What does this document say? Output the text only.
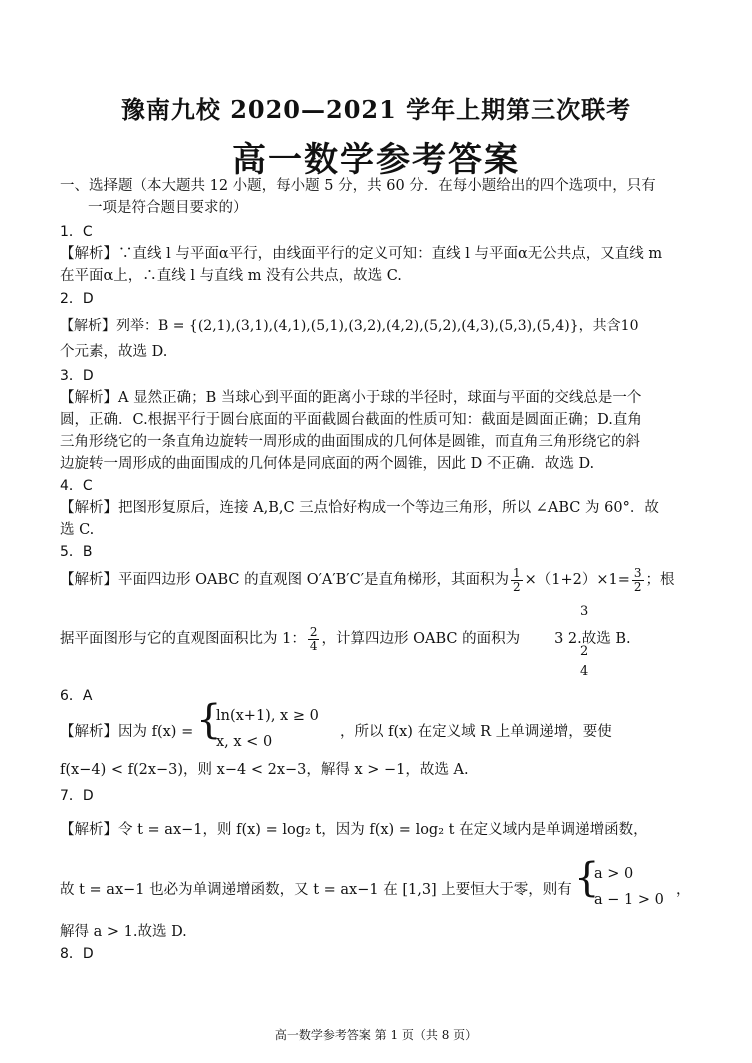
豫南九校 2020—2021 学年上期第三次联考
高一数学参考答案
一、选择题（本大题共 12 小题，每小题 5 分，共 60 分．在每小题给出的四个选项中，只有
一项是符合题目要求的）
1．C
【解析】∵直线 l 与平面α平行，由线面平行的定义可知：直线 l 与平面α无公共点，又直线 m
在平面α上，∴直线 l 与直线 m 没有公共点，故选 C.
2．D
【解析】列举：B = {(2,1),(3,1),(4,1),(5,1),(3,2),(4,2),(5,2),(4,3),(5,3),(5,4)}，共含10
个元素，故选 D.
3．D
【解析】A 显然正确；B 当球心到平面的距离小于球的半径时，球面与平面的交线总是一个
圆，正确．C.根据平行于圆台底面的平面截圆台截面的性质可知：截面是圆面正确；D.直角
三角形绕它的一条直角边旋转一周形成的曲面围成的几何体是圆锥，而直角三角形绕它的斜
边旋转一周形成的曲面围成的几何体是同底面的两个圆锥，因此 D 不正确．故选 D.
4．C
【解析】把图形复原后，连接 A,B,C 三点恰好构成一个等边三角形，所以 ∠ABC 为 60°．故
选 C.
5．B
【解析】平面四边形 OABC 的直观图 O′A′B′C′是直角梯形，其面积为 $\frac{1}{2} \times(1+2)\times 1= \frac{3}{2}$ ；根
3
据平面图形与它的直观图面积比为 1： $\frac{2}{4}$ ，计算四边形 OABC 的面积为 3 2.故选 B.
2
4
6．A
【解析】因为 f(x) = {
ln(x+1), x ≥ 0
x, x < 0
，所以 f(x) 在定义域 R 上单调递增，要使
f(x−4) < f(2x−3)，则 x−4 < 2x−3，解得 x > −1，故选 A.
7．D
【解析】令 t = ax−1，则 f(x) = log₂ t，因为 f(x) = log₂ t 在定义域内是单调递增函数，
故 t = ax−1 也必为单调递增函数，又 t = ax−1 在 [1,3] 上要恒大于零，则有 {
a > 0
a − 1 > 0
，
解得 a > 1.故选 D.
8．D
高一数学参考答案 第 1 页（共 8 页）
